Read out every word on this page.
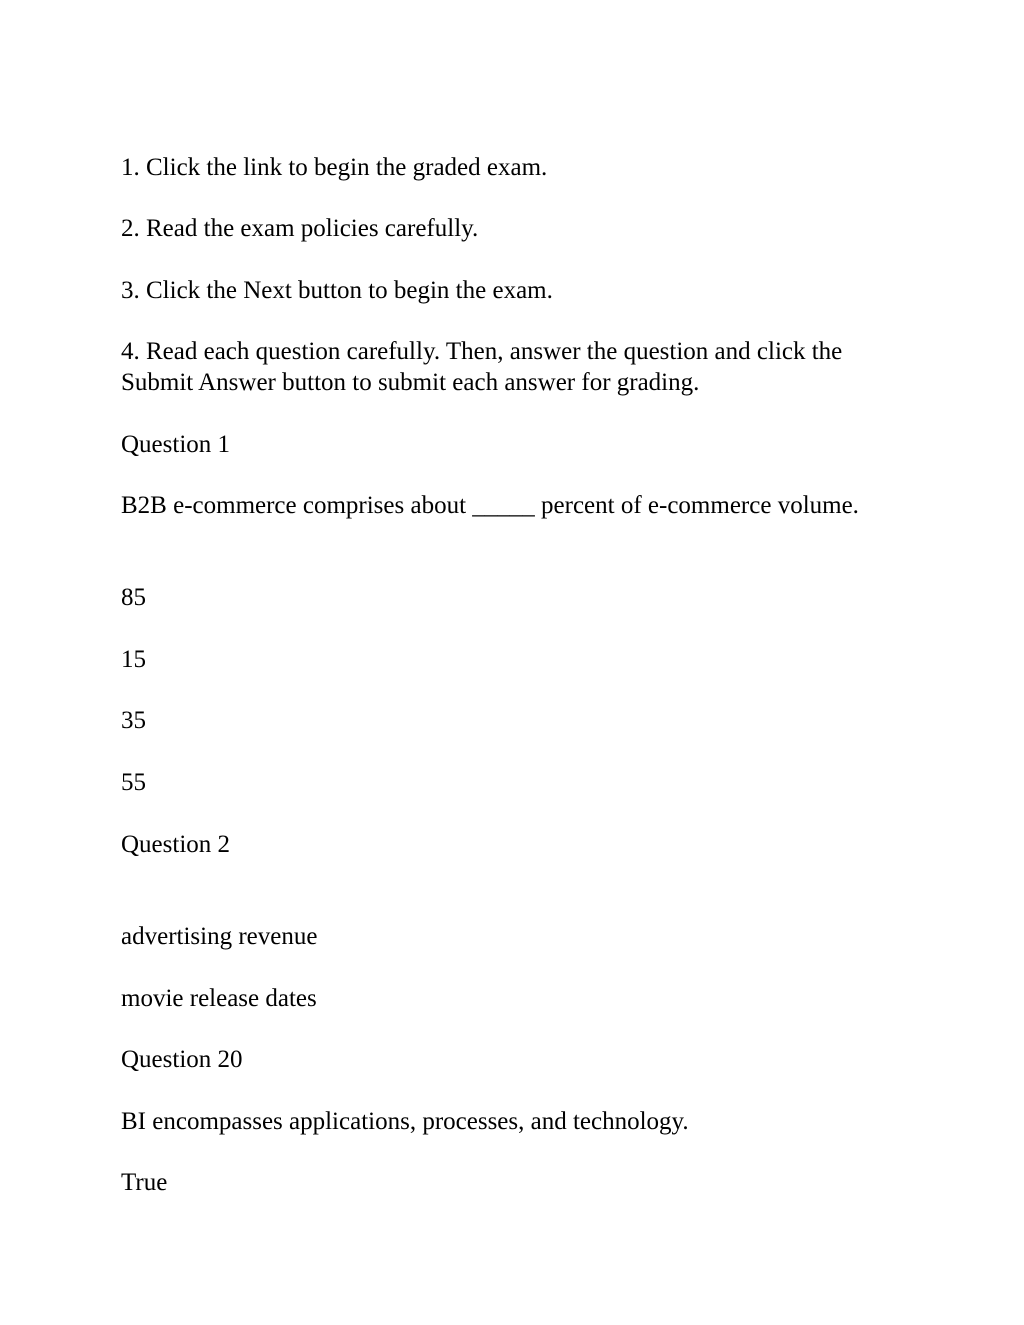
1. Click the link to begin the graded exam.

2. Read the exam policies carefully.

3. Click the Next button to begin the exam.

4. Read each question carefully. Then, answer the question and click the Submit Answer button to submit each answer for grading.

Question 1

B2B e-commerce comprises about _____ percent of e-commerce volume.

85

15

35

55

Question 2

advertising revenue

movie release dates

Question 20

BI encompasses applications, processes, and technology.

True
